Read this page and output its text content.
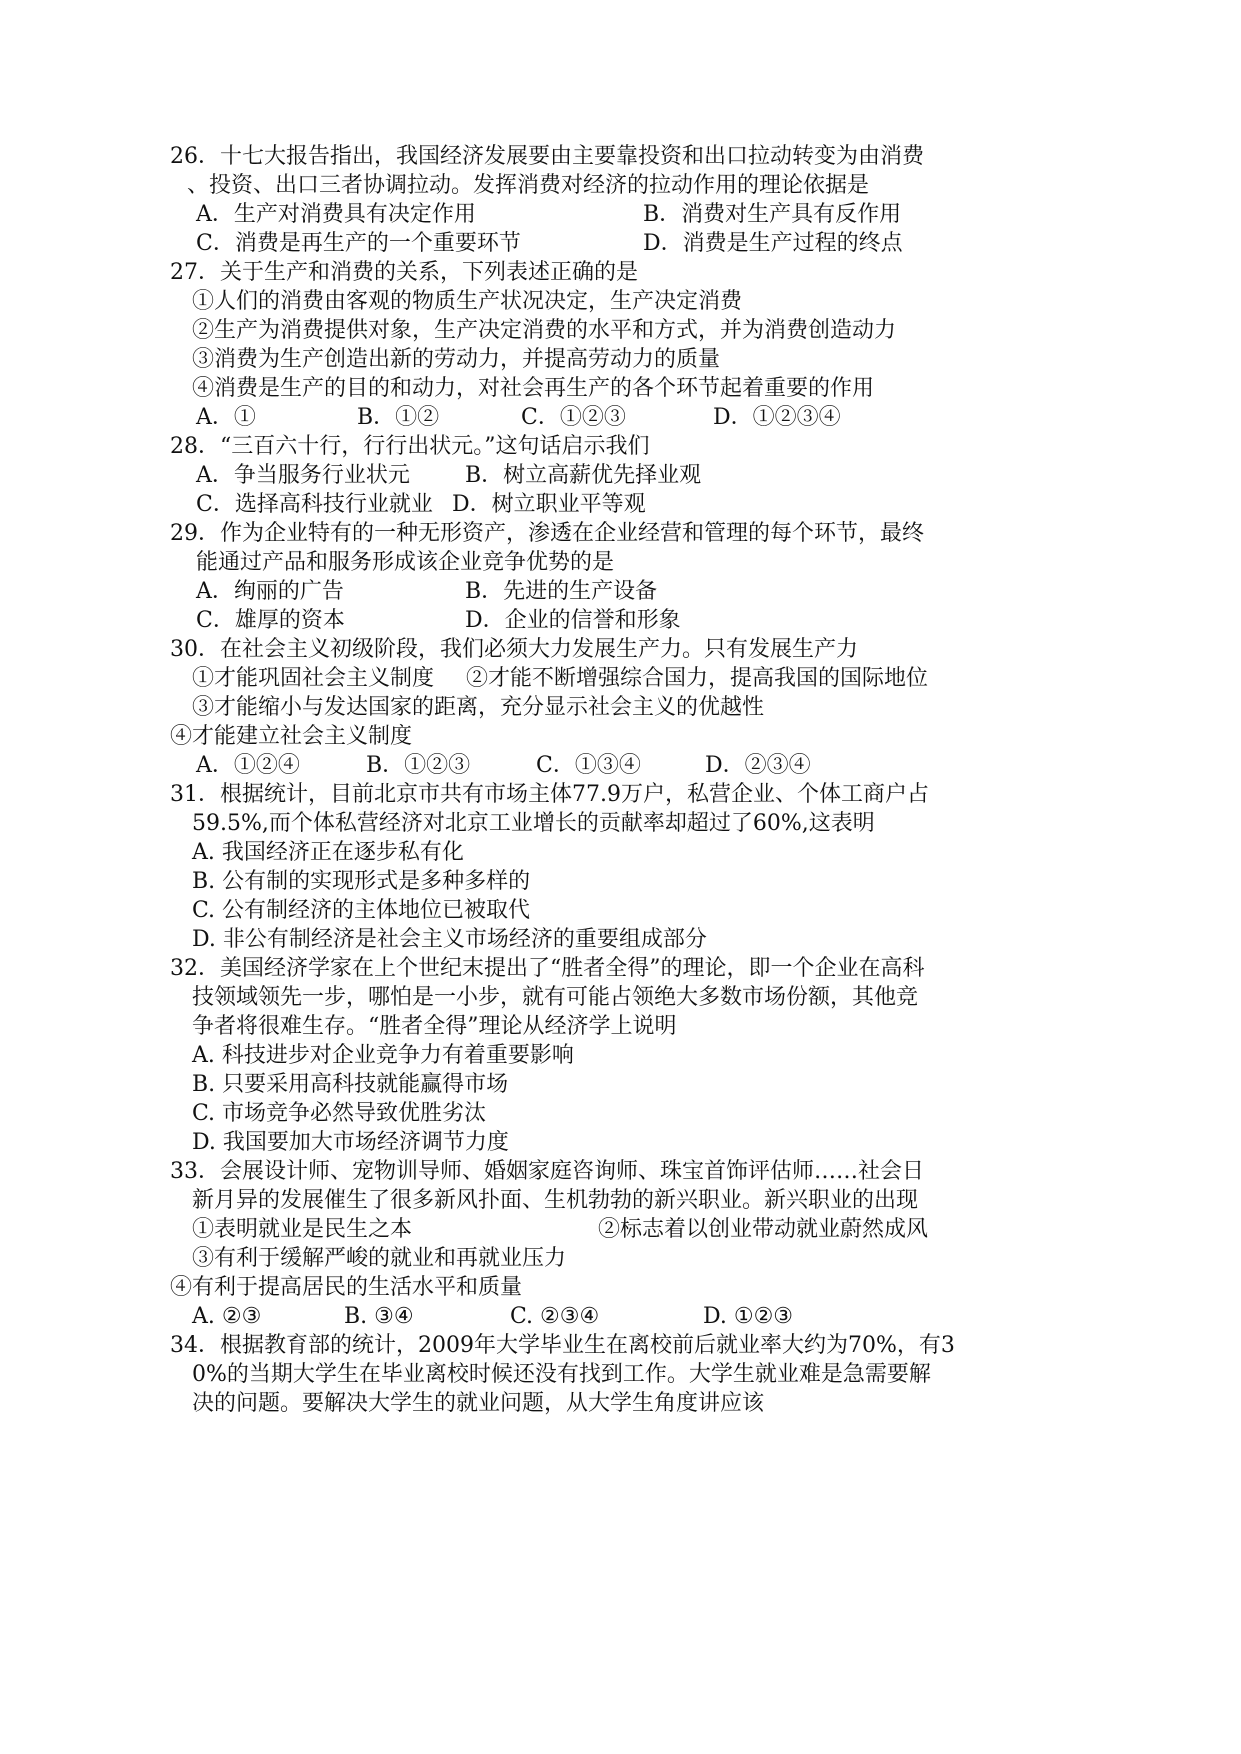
26．十七大报告指出，我国经济发展要由主要靠投资和出口拉动转变为由消费
、投资、出口三者协调拉动。发挥消费对经济的拉动作用的理论依据是
A．生产对消费具有决定作用	B．消费对生产具有反作用
C．消费是再生产的一个重要环节	D．消费是生产过程的终点
27．关于生产和消费的关系，下列表述正确的是
①人们的消费由客观的物质生产状况决定，生产决定消费
②生产为消费提供对象，生产决定消费的水平和方式，并为消费创造动力
③消费为生产创造出新的劳动力，并提高劳动力的质量
④消费是生产的目的和动力，对社会再生产的各个环节起着重要的作用
A．①	B．①②	C．①②③	D．①②③④
28．“三百六十行，行行出状元。”这句话启示我们
A．争当服务行业状元	B．树立高薪优先择业观
C．选择高科技行业就业 D．树立职业平等观
29．作为企业特有的一种无形资产，渗透在企业经营和管理的每个环节，最终
能通过产品和服务形成该企业竞争优势的是
A．绚丽的广告	B．先进的生产设备
C．雄厚的资本	D．企业的信誉和形象
30．在社会主义初级阶段，我们必须大力发展生产力。只有发展生产力
①才能巩固社会主义制度 ②才能不断增强综合国力，提高我国的国际地位
③才能缩小与发达国家的距离，充分显示社会主义的优越性
④才能建立社会主义制度
A．①②④	B．①②③	C．①③④	D．②③④
31．根据统计，目前北京市共有市场主体77.9万户，私营企业、个体工商户占
59.5%,而个体私营经济对北京工业增长的贡献率却超过了60%,这表明
A. 我国经济正在逐步私有化
B. 公有制的实现形式是多种多样的
C. 公有制经济的主体地位已被取代
D. 非公有制经济是社会主义市场经济的重要组成部分
32．美国经济学家在上个世纪末提出了“胜者全得”的理论，即一个企业在高科
技领域领先一步，哪怕是一小步，就有可能占领绝大多数市场份额，其他竞
争者将很难生存。“胜者全得”理论从经济学上说明
A. 科技进步对企业竞争力有着重要影响
B. 只要采用高科技就能赢得市场
C. 市场竞争必然导致优胜劣汰
D. 我国要加大市场经济调节力度
33．会展设计师、宠物训导师、婚姻家庭咨询师、珠宝首饰评估师……社会日
新月异的发展催生了很多新风扑面、生机勃勃的新兴职业。新兴职业的出现
①表明就业是民生之本	②标志着以创业带动就业蔚然成风
③有利于缓解严峻的就业和再就业压力
④有利于提高居民的生活水平和质量
A. ②③	B. ③④	C. ②③④	D. ①②③
34．根据教育部的统计，2009年大学毕业生在离校前后就业率大约为70%，有3
0%的当期大学生在毕业离校时候还没有找到工作。大学生就业难是急需要解
决的问题。要解决大学生的就业问题，从大学生角度讲应该
